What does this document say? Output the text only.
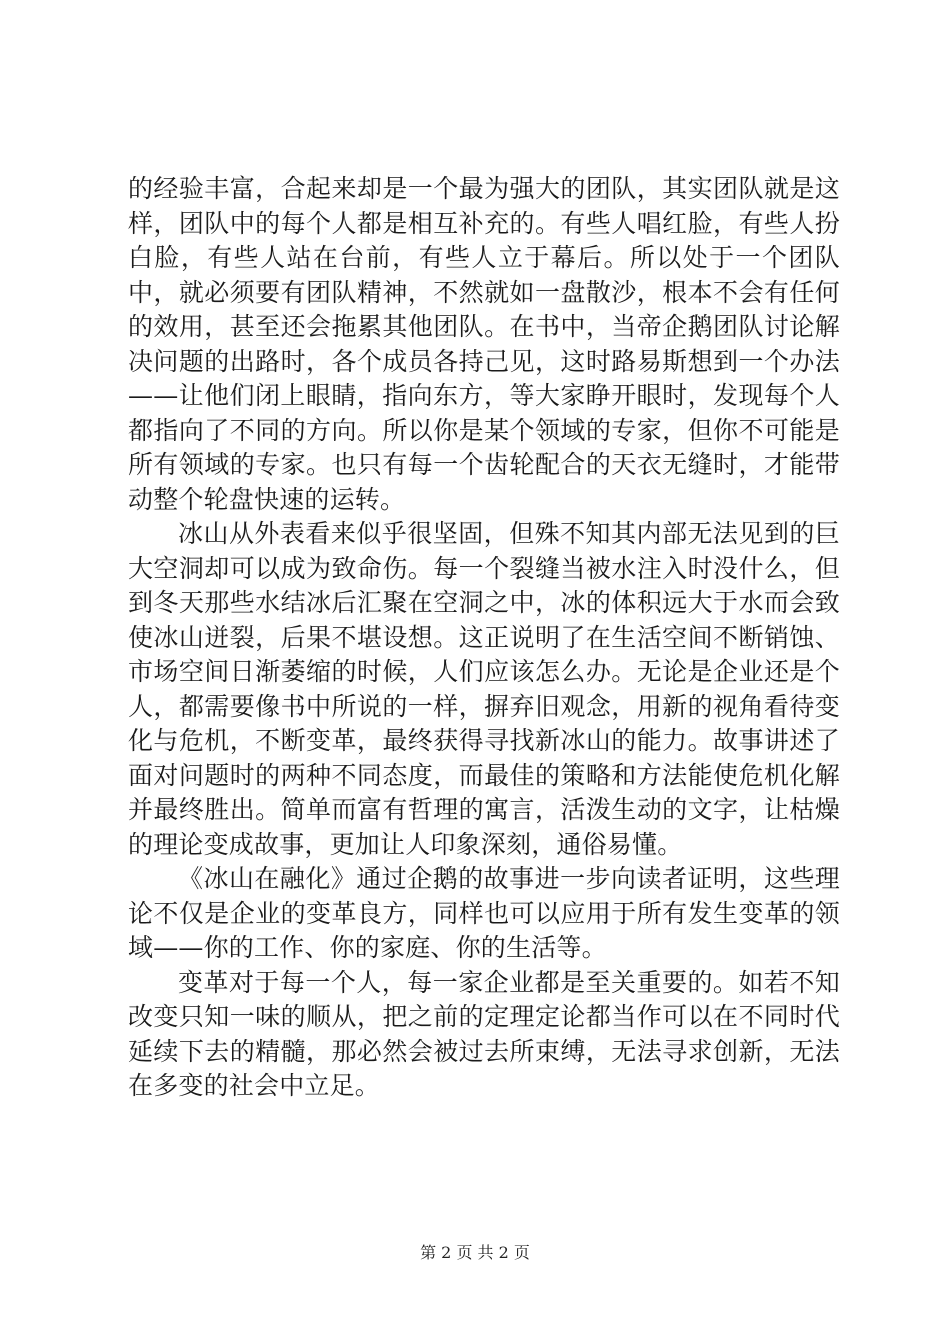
的经验丰富，合起来却是一个最为强大的团队，其实团队就是这样，团队中的每个人都是相互补充的。有些人唱红脸，有些人扮白脸，有些人站在台前，有些人立于幕后。所以处于一个团队中，就必须要有团队精神，不然就如一盘散沙，根本不会有任何的效用，甚至还会拖累其他团队。在书中，当帝企鹅团队讨论解决问题的出路时，各个成员各持己见，这时路易斯想到一个办法——让他们闭上眼睛，指向东方，等大家睁开眼时，发现每个人都指向了不同的方向。所以你是某个领域的专家，但你不可能是所有领域的专家。也只有每一个齿轮配合的天衣无缝时，才能带动整个轮盘快速的运转。

冰山从外表看来似乎很坚固，但殊不知其内部无法见到的巨大空洞却可以成为致命伤。每一个裂缝当被水注入时没什么，但到冬天那些水结冰后汇聚在空洞之中，冰的体积远大于水而会致使冰山迸裂，后果不堪设想。这正说明了在生活空间不断销蚀、市场空间日渐萎缩的时候，人们应该怎么办。无论是企业还是个人，都需要像书中所说的一样，摒弃旧观念，用新的视角看待变化与危机，不断变革，最终获得寻找新冰山的能力。故事讲述了面对问题时的两种不同态度，而最佳的策略和方法能使危机化解并最终胜出。简单而富有哲理的寓言，活泼生动的文字，让枯燥的理论变成故事，更加让人印象深刻，通俗易懂。

《冰山在融化》通过企鹅的故事进一步向读者证明，这些理论不仅是企业的变革良方，同样也可以应用于所有发生变革的领域——你的工作、你的家庭、你的生活等。

变革对于每一个人，每一家企业都是至关重要的。如若不知改变只知一味的顺从，把之前的定理定论都当作可以在不同时代延续下去的精髓，那必然会被过去所束缚，无法寻求创新，无法在多变的社会中立足。

第 2 页 共 2 页
